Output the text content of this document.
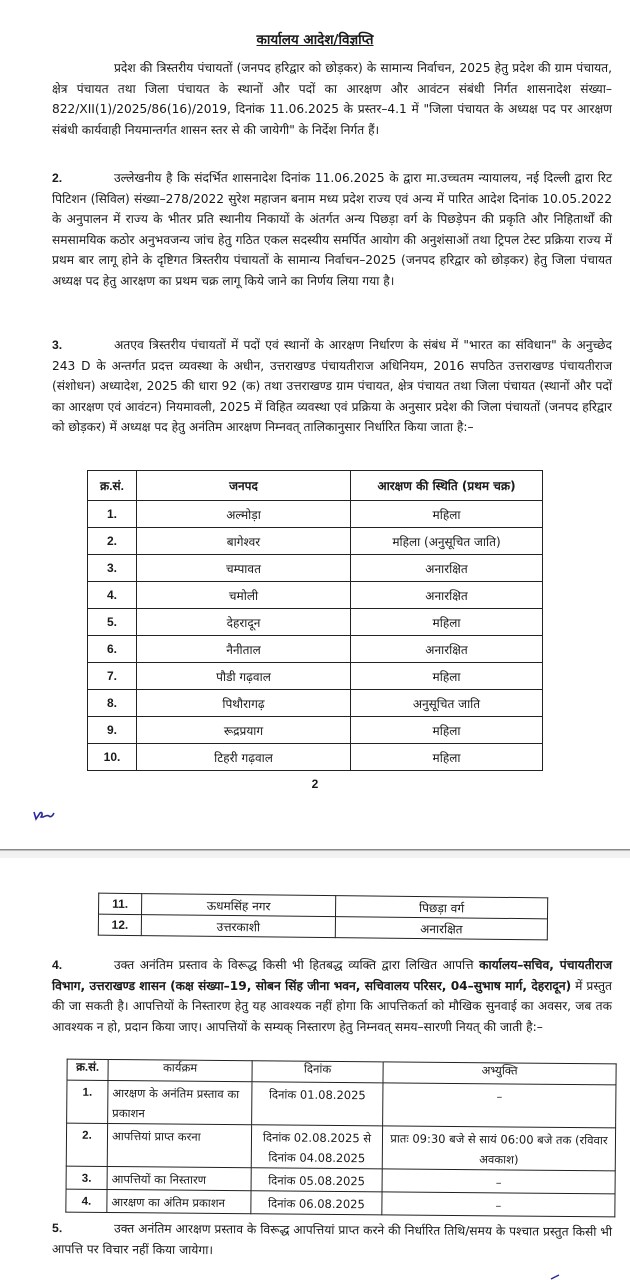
कार्यालय आदेश/विज्ञप्ति
प्रदेश की त्रिस्तरीय पंचायतों (जनपद हरिद्वार को छोड़कर) के सामान्य निर्वाचन, 2025 हेतु प्रदेश की ग्राम पंचायत, क्षेत्र पंचायत तथा जिला पंचायत के स्थानों और पदों का आरक्षण और आवंटन संबंधी निर्गत शासनादेश संख्या–822/XII(1)/2025/86(16)/2019, दिनांक 11.06.2025 के प्रस्तर–4.1 में "जिला पंचायत के अध्यक्ष पद पर आरक्षण संबंधी कार्यवाही नियमान्तर्गत शासन स्तर से की जायेगी" के निर्देश निर्गत हैं।
2.	उल्लेखनीय है कि संदर्भित शासनादेश दिनांक 11.06.2025 के द्वारा मा.उच्चतम न्यायालय, नई दिल्ली द्वारा रिट पिटिशन (सिविल) संख्या–278/2022 सुरेश महाजन बनाम मध्य प्रदेश राज्य एवं अन्य में पारित आदेश दिनांक 10.05.2022 के अनुपालन में राज्य के भीतर प्रति स्थानीय निकायों के अंतर्गत अन्य पिछड़ा वर्ग के पिछड़ेपन की प्रकृति और निहितार्थों की समसामयिक कठोर अनुभवजन्य जांच हेतु गठित एकल सदस्यीय समर्पित आयोग की अनुशंसाओं तथा ट्रिपल टेस्ट प्रक्रिया राज्य में प्रथम बार लागू होने के दृष्टिगत त्रिस्तरीय पंचायतों के सामान्य निर्वाचन–2025 (जनपद हरिद्वार को छोड़कर) हेतु जिला पंचायत अध्यक्ष पद हेतु आरक्षण का प्रथम चक्र लागू किये जाने का निर्णय लिया गया है।
3.	अतएव त्रिस्तरीय पंचायतों में पदों एवं स्थानों के आरक्षण निर्धारण के संबंध में "भारत का संविधान" के अनुच्छेद 243 D के अन्तर्गत प्रदत्त व्यवस्था के अधीन, उत्तराखण्ड पंचायतीराज अधिनियम, 2016 सपठित उत्तराखण्ड पंचायतीराज (संशोधन) अध्यादेश, 2025 की धारा 92 (क) तथा उत्तराखण्ड ग्राम पंचायत, क्षेत्र पंचायत तथा जिला पंचायत (स्थानों और पदों का आरक्षण एवं आवंटन) नियमावली, 2025 में विहित व्यवस्था एवं प्रक्रिया के अनुसार प्रदेश की जिला पंचायतों (जनपद हरिद्वार को छोड़कर) में अध्यक्ष पद हेतु अनंतिम आरक्षण निम्नवत् तालिकानुसार निर्धारित किया जाता है:–
क्र.सं.	जनपद	आरक्षण की स्थिति (प्रथम चक्र)
1.	अल्मोड़ा	महिला
2.	बागेश्वर	महिला (अनुसूचित जाति)
3.	चम्पावत	अनारक्षित
4.	चमोली	अनारक्षित
5.	देहरादून	महिला
6.	नैनीताल	अनारक्षित
7.	पौडी गढ़वाल	महिला
8.	पिथौरागढ़	अनुसूचित जाति
9.	रूद्रप्रयाग	महिला
10.	टिहरी गढ़वाल	महिला
2
11.	ऊधमसिंह नगर	पिछड़ा वर्ग
12.	उत्तरकाशी	अनारक्षित
4.	उक्त अनंतिम प्रस्ताव के विरूद्ध किसी भी हितबद्ध व्यक्ति द्वारा लिखित आपत्ति कार्यालय–सचिव, पंचायतीराज विभाग, उत्तराखण्ड शासन (कक्ष संख्या–19, सोबन सिंह जीना भवन, सचिवालय परिसर, 04–सुभाष मार्ग, देहरादून) में प्रस्तुत की जा सकती है। आपत्तियों के निस्तारण हेतु यह आवश्यक नहीं होगा कि आपत्तिकर्ता को मौखिक सुनवाई का अवसर, जब तक आवश्यक न हो, प्रदान किया जाए। आपत्तियों के सम्यक् निस्तारण हेतु निम्नवत् समय–सारणी नियत् की जाती है:–
क्र.सं.	कार्यक्रम	दिनांक	अभ्युक्ति
1.	आरक्षण के अनंतिम प्रस्ताव का प्रकाशन	दिनांक 01.08.2025	–
2.	आपत्तियां प्राप्त करना	दिनांक 02.08.2025 से दिनांक 04.08.2025	प्रातः 09:30 बजे से सायं 06:00 बजे तक (रविवार अवकाश)
3.	आपत्तियों का निस्तारण	दिनांक 05.08.2025	–
4.	आरक्षण का अंतिम प्रकाशन	दिनांक 06.08.2025	–
5.	उक्त अनंतिम आरक्षण प्रस्ताव के विरूद्ध आपत्तियां प्राप्त करने की निर्धारित तिथि/समय के पश्चात प्रस्तुत किसी भी आपत्ति पर विचार नहीं किया जायेगा।
